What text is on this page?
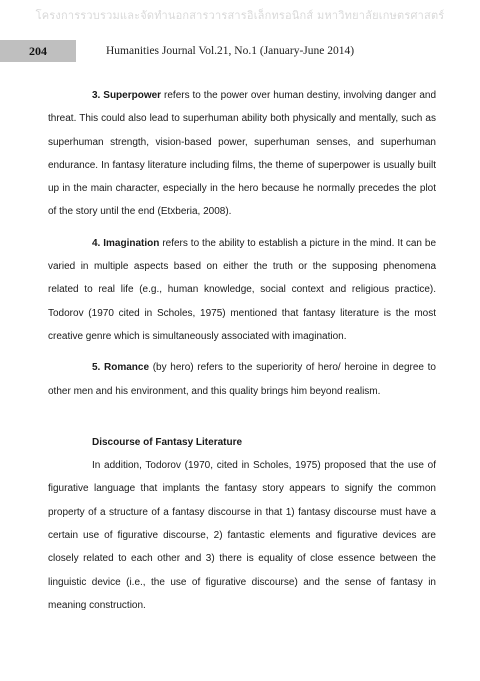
โครงการรวบรวมและจัดทำนอกสารวารสารอิเล็กทรอนิกส์ มหาวิทยาลัยเกษตรศาสตร์
204	Humanities Journal Vol.21, No.1 (January-June 2014)

3. Superpower refers to the power over human destiny, involving danger and threat. This could also lead to superhuman ability both physically and mentally, such as superhuman strength, vision-based power, superhuman senses, and superhuman endurance. In fantasy literature including films, the theme of superpower is usually built up in the main character, especially in the hero because he normally precedes the plot of the story until the end (Etxberia, 2008).

4. Imagination refers to the ability to establish a picture in the mind. It can be varied in multiple aspects based on either the truth or the supposing phenomena related to real life (e.g., human knowledge, social context and religious practice). Todorov (1970 cited in Scholes, 1975) mentioned that fantasy literature is the most creative genre which is simultaneously associated with imagination.

5. Romance (by hero) refers to the superiority of hero/ heroine in degree to other men and his environment, and this quality brings him beyond realism.

Discourse of Fantasy Literature

In addition, Todorov (1970, cited in Scholes, 1975) proposed that the use of figurative language that implants the fantasy story appears to signify the common property of a structure of a fantasy discourse in that 1) fantasy discourse must have a certain use of figurative discourse, 2) fantastic elements and figurative devices are closely related to each other and 3) there is equality of close essence between the linguistic device (i.e., the use of figurative discourse) and the sense of fantasy in meaning construction.
